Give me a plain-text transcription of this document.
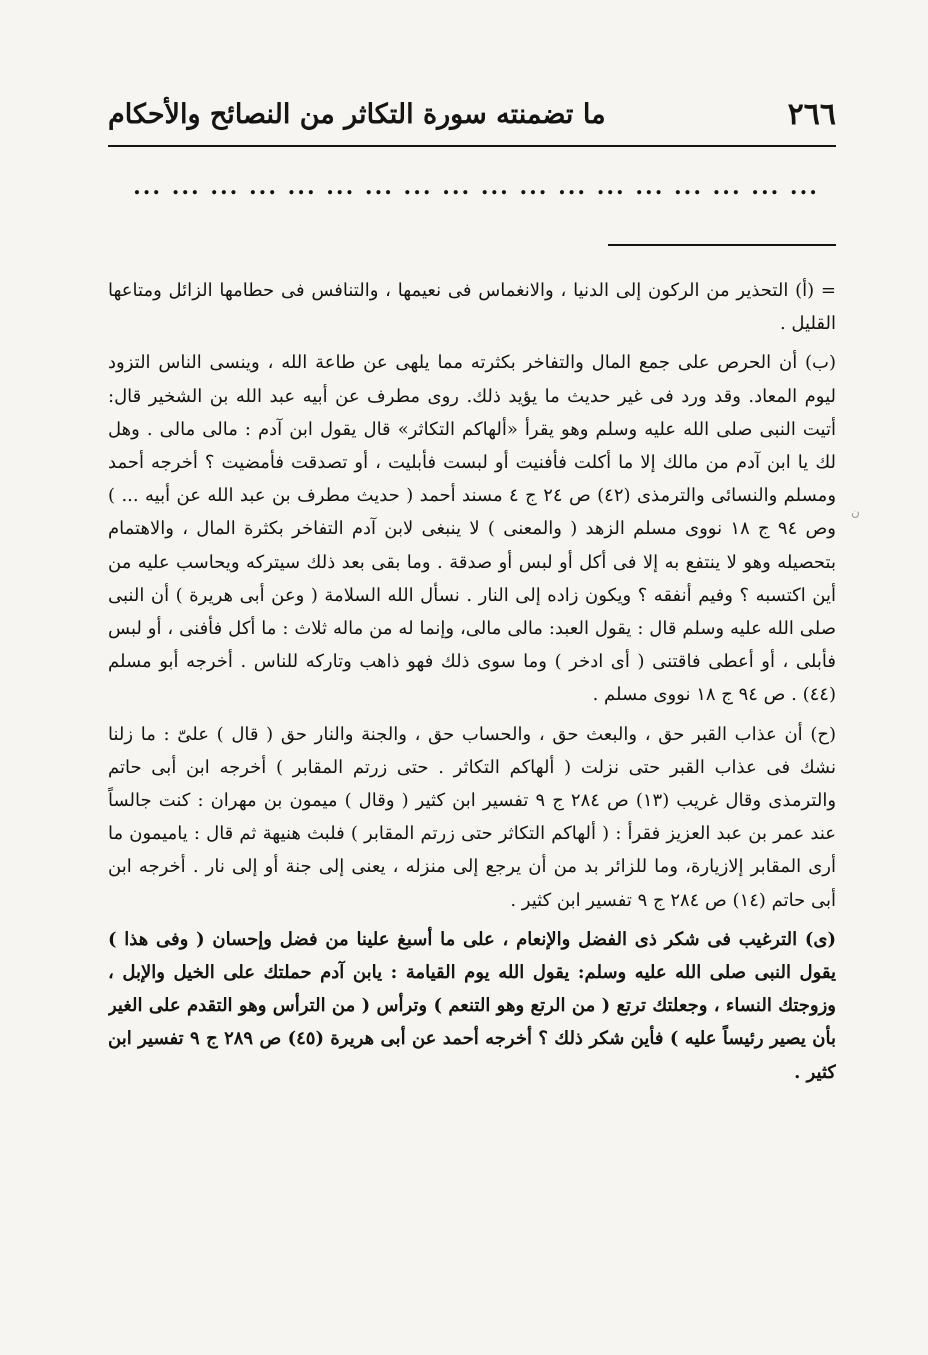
٢٦٦
ما تضمنته سورة التكاثر من النصائح والأحكام
... ... ... ... ... ... ... ... ... ... ... ... ... ... ... ... ... ...

= (أ) التحذير من الركون إلى الدنيا ، والانغماس فى نعيمها ، والتنافس فى حطامها الزائل ومتاعها القليل .

(ب) أن الحرص على جمع المال والتفاخر بكثرته مما يلهى عن طاعة الله ، وينسى الناس التزود ليوم المعاد. وقد ورد فى غير حديث ما يؤيد ذلك. روى مطرف عن أبيه عبد الله بن الشخير قال: أتيت النبى صلى الله عليه وسلم وهو يقرأ «ألهاكم التكاثر» قال يقول ابن آدم : مالى مالى . وهل لك يا ابن آدم من مالك إلا ما أكلت فأفنيت أو لبست فأبليت ، أو تصدقت فأمضيت ؟ أخرجه أحمد ومسلم والنسائى والترمذى (٤٢) ص ٢٤ ج ٤ مسند أحمد ( حديث مطرف بن عبد الله عن أبيه ... ) وص ٩٤ ج ١٨ نووى مسلم الزهد ( والمعنى ) لا ينبغى لابن آدم التفاخر بكثرة المال ، والاهتمام بتحصيله وهو لا ينتفع به إلا فى أكل أو لبس أو صدقة . وما بقى بعد ذلك سيتركه ويحاسب عليه من أين اكتسبه ؟ وفيم أنفقه ؟ ويكون زاده إلى النار . نسأل الله السلامة ( وعن أبى هريرة ) أن النبى صلى الله عليه وسلم قال : يقول العبد: مالى مالى، وإنما له من ماله ثلاث : ما أكل فأفنى ، أو لبس فأبلى ، أو أعطى فاقتنى ( أى ادخر ) وما سوى ذلك فهو ذاهب وتاركه للناس . أخرجه أبو مسلم (٤٤) . ص ٩٤ ج ١٨ نووى مسلم .

(ح) أن عذاب القبر حق ، والبعث حق ، والحساب حق ، والجنة والنار حق ( قال ) علىّ : ما زلنا نشك فى عذاب القبر حتى نزلت ( ألهاكم التكاثر . حتى زرتم المقابر ) أخرجه ابن أبى حاتم والترمذى وقال غريب (١٣) ص ٢٨٤ ج ٩ تفسير ابن كثير ( وقال ) ميمون بن مهران : كنت جالساً عند عمر بن عبد العزيز فقرأ : ( ألهاكم التكاثر حتى زرتم المقابر ) فلبث هنيهة ثم قال : ياميمون ما أرى المقابر إلازيارة، وما للزائر بد من أن يرجع إلى منزله ، يعنى إلى جنة أو إلى نار . أخرجه ابن أبى حاتم (١٤) ص ٢٨٤ ج ٩ تفسير ابن كثير .

(ى) الترغيب فى شكر ذى الفضل والإنعام ، على ما أسبغ علينا من فضل وإحسان ( وفى هذا ) يقول النبى صلى الله عليه وسلم: يقول الله يوم القيامة : يابن آدم حملتك على الخيل والإبل ، وزوجتك النساء ، وجعلتك ترتع ( من الرتع وهو التنعم ) وترأس ( من الترأس وهو التقدم على الغير بأن يصير رئيساً عليه ) فأين شكر ذلك ؟ أخرجه أحمد عن أبى هريرة (٤٥) ص ٢٨٩ ج ٩ تفسير ابن كثير .

ن
